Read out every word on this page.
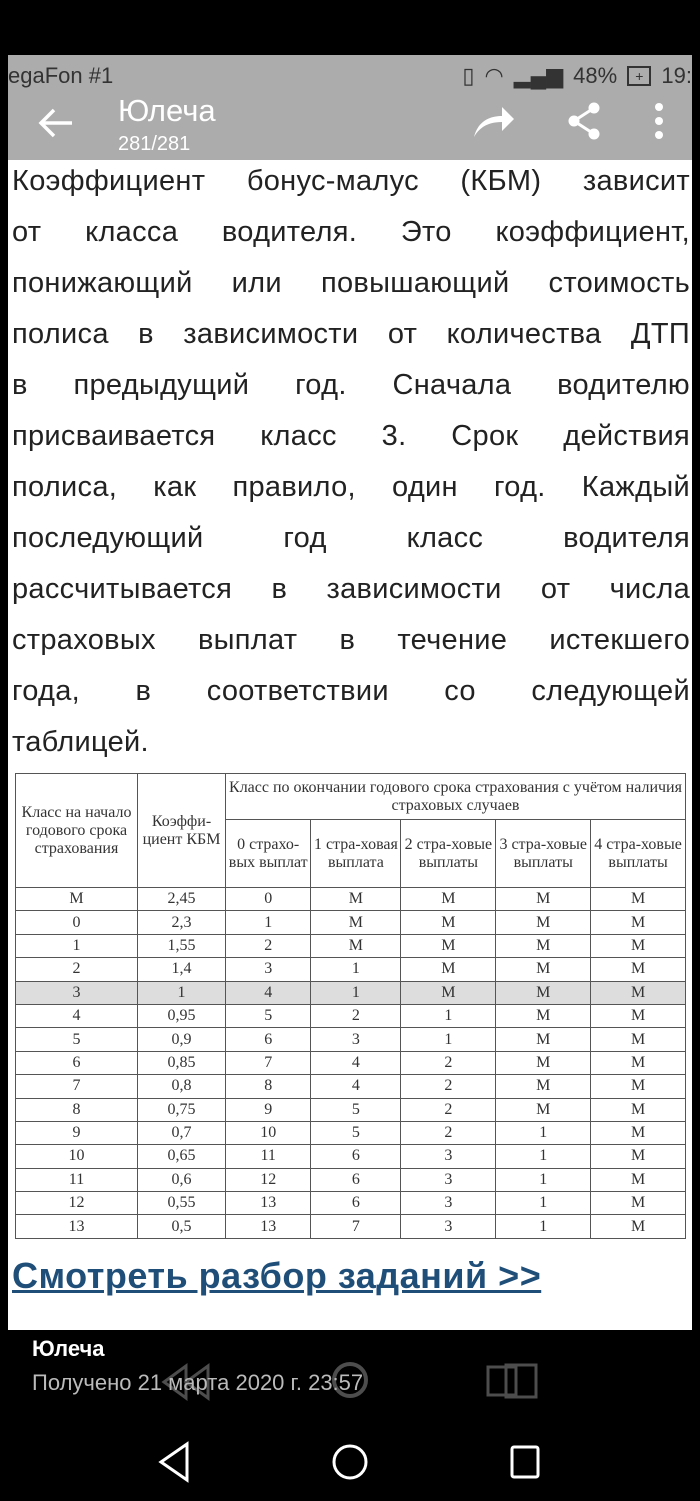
Коэффициент бонус-малус (КБМ) зависит
от класса водителя. Это коэффициент,
понижающий или повышающий стоимость
полиса в зависимости от количества ДТП
в предыдущий год. Сначала водителю
присваивается класс 3. Срок действия
полиса, как правило, один год. Каждый
последующий год класс водителя
рассчитывается в зависимости от числа
страховых выплат в течение истекшего
года, в соответствии со следующей
таблицей.
Класс на начало годового срока страхования	Коэффи-циент КБМ	Класс по окончании годового срока страхования с учётом наличия страховых случаев				
		0 страхо-вых выплат	1 стра-ховая выплата	2 стра-ховые выплаты	3 стра-ховые выплаты	4 стра-ховые выплаты
М	2,45	0	М	М	М	М
0	2,3	1	М	М	М	М
1	1,55	2	М	М	М	М
2	1,4	3	1	М	М	М
3	1	4	1	М	М	М
4	0,95	5	2	1	М	М
5	0,9	6	3	1	М	М
6	0,85	7	4	2	М	М
7	0,8	8	4	2	М	М
8	0,75	9	5	2	М	М
9	0,7	10	5	2	1	М
10	0,65	11	6	3	1	М
11	0,6	12	6	3	1	М
12	0,55	13	6	3	1	М
13	0,5	13	7	3	1	М
Смотреть разбор заданий >>
egaFon #1	▯ ◠ ▂▄▆ 48%	+ 19:
Юлеча
281/281
Юлеча
Получено 21 марта 2020 г. 23:57
